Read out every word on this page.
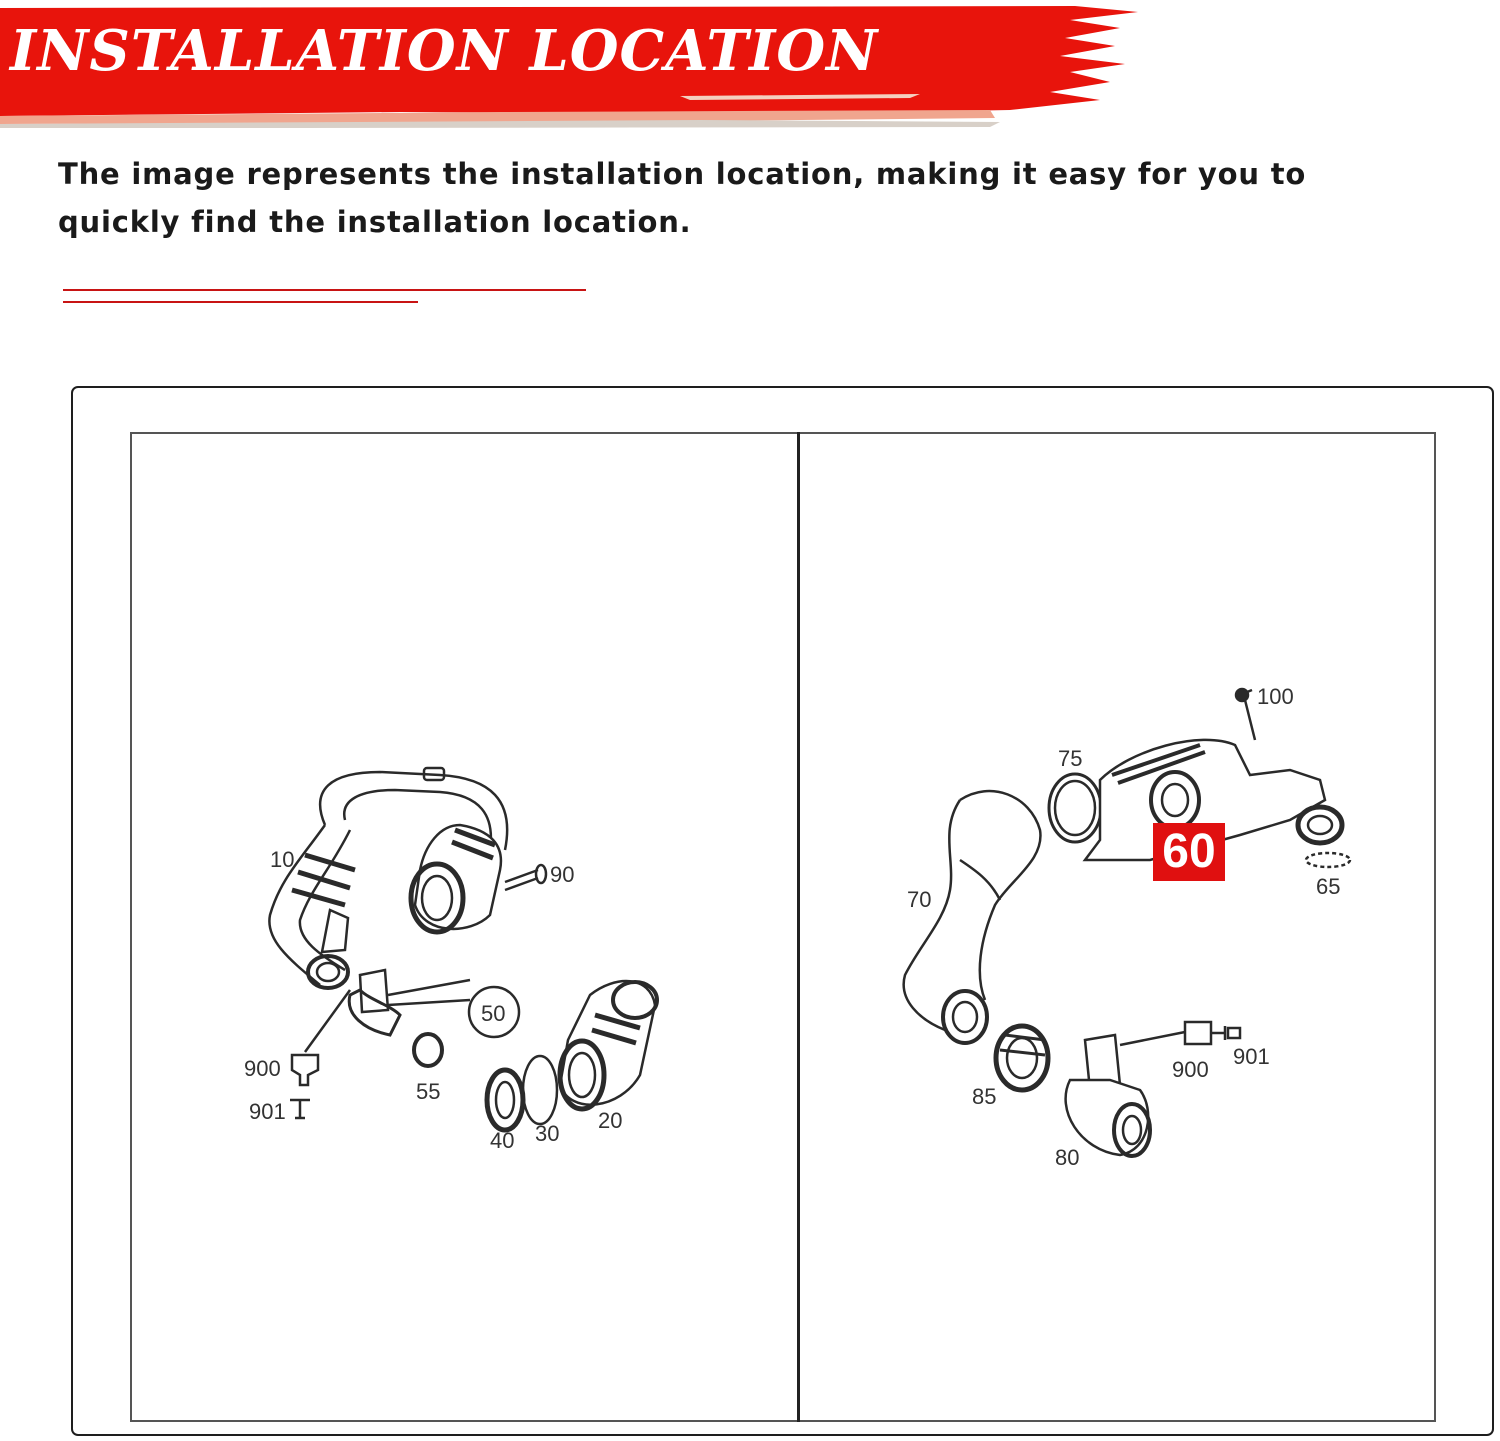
INSTALLATION LOCATION
The image represents the installation location, making it easy for you to quickly find the installation location.
10
90
50
900
901
55
40 30
20
100
75
70
65
85
900
901
80
60
